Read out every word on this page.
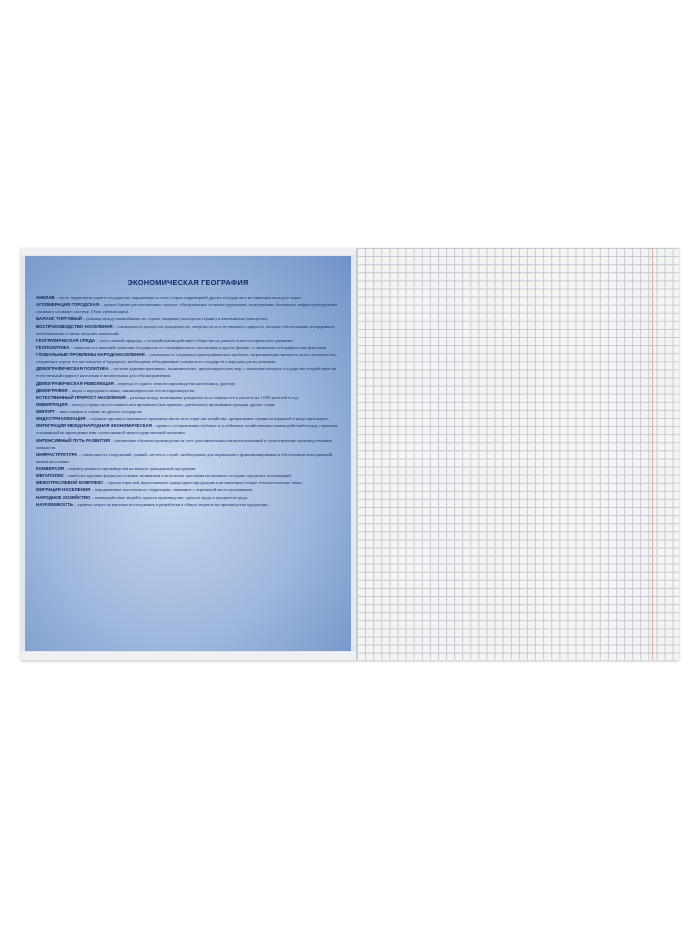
ЭКОНОМИЧЕСКАЯ ГЕОГРАФИЯ

АНКЛАВ – часть территории одного государства, окруженная со всех сторон территорией других государств и не имеющая выхода к морю.

АГЛОМЕРАЦИЯ ГОРОДСКАЯ – группа близко расположенных городов, объединенных тесными трудовыми, культурными, бытовыми, инфраструктурными связями в сложную систему. (Этап урбанизации).

БАЛАНС ТОРГОВЫЙ – разница между важнейшими по стране товарами (экспортом страны) и ввезенными (импортом).

ВОСПРОИЗВОДСТВО НАСЕЛЕНИЯ – совокупность процессов рождаемости, смертности и естественного прироста, которые обеспечивают непрерывное возобновление и смену людских поколений.

ГЕОГРАФИЧЕСКАЯ СРЕДА – часть земной природы, с которой взаимодействует общество на данном этапе исторического развития.

ГЕОПОЛИТИКА – зависимость внешней политики государства от географического положения и других физико- и экономико-географических факторов.

ГЛОБАЛЬНЫЕ ПРОБЛЕМЫ НАРОДОНАСЕЛЕНИЯ – совокупность социально-демографических проблем, затрагивающих интересы всего человечества, создающих угрозу его настоящему и будущему; необходимы объединенные усилия всех государств и народов для их решения.

ДЕМОГРАФИЧЕСКАЯ ПОЛИТИКА – система административных, экономических, пропагандистских мер, с помощью которых государство воздействует на естественный прирост населения в желательном для себя направлении.

ДЕМОГРАФИЧЕСКАЯ РЕВОЛЮЦИЯ – переход от одного типа воспроизводства населения к другому.

ДЕМОГРАФИЯ – наука о народонаселении, закономерностях его воспроизводства.

ЕСТЕСТВЕННЫЙ ПРИРОСТ НАСЕЛЕНИЯ – разница между величинами рождаемости и смертности в расчете на 1 000 жителей в год.

ИММИГРАЦИЯ – въезд в страну на постоянное или временное (как правило, длительное) проживание граждан других стран.

ИМПОРТ – ввоз товаров в страну из других государств.

ИНДУСТРИАЛИЗАЦИЯ – создание крупного машинного производства во всех отраслях хозяйства, превращение страны из аграрной в индустриальную.

ИНТЕГРАЦИЯ МЕЖДУНАРОДНАЯ ЭКОНОМИЧЕСКАЯ – процесс установления глубоких и устойчивых хозяйственных взаимодействий между странами, основанный на проведении ими согласованной межгосударственной политики.

ИНТЕНСИВНЫЙ ПУТЬ РАЗВИТИЯ – увеличение объемов производства за счет дополнительных капиталовложений в существующие производственные мощности.

ИНФРАСТРУКТУРА – совокупность сооружений, зданий, систем и служб, необходимых для нормального функционирования и обеспечения повседневной жизни населения.

КОНВЕРСИЯ – перевод военного производства на выпуск гражданской продукции.

МЕГАПОЛИС – наиболее крупная форма расселения, возникшая в результате срастания нескольких соседних городских агломераций.

МЕЖОТРАСЛЕВОЙ КОМПЛЕКС – группа отраслей, выпускающих однородную продукцию или имеющих тесные технологические связи.

МИГРАЦИЯ НАСЕЛЕНИЯ – передвижение населения по территории, связанное с переменой места проживания.

НАРОДНОЕ ХОЗЯЙСТВО – взаимодействие людей и средств производства: средств труда и предметов труда.

НАУКОЕМКОСТЬ – уровень затрат на научные исследования и разработки в общих затратах на производство продукции.
